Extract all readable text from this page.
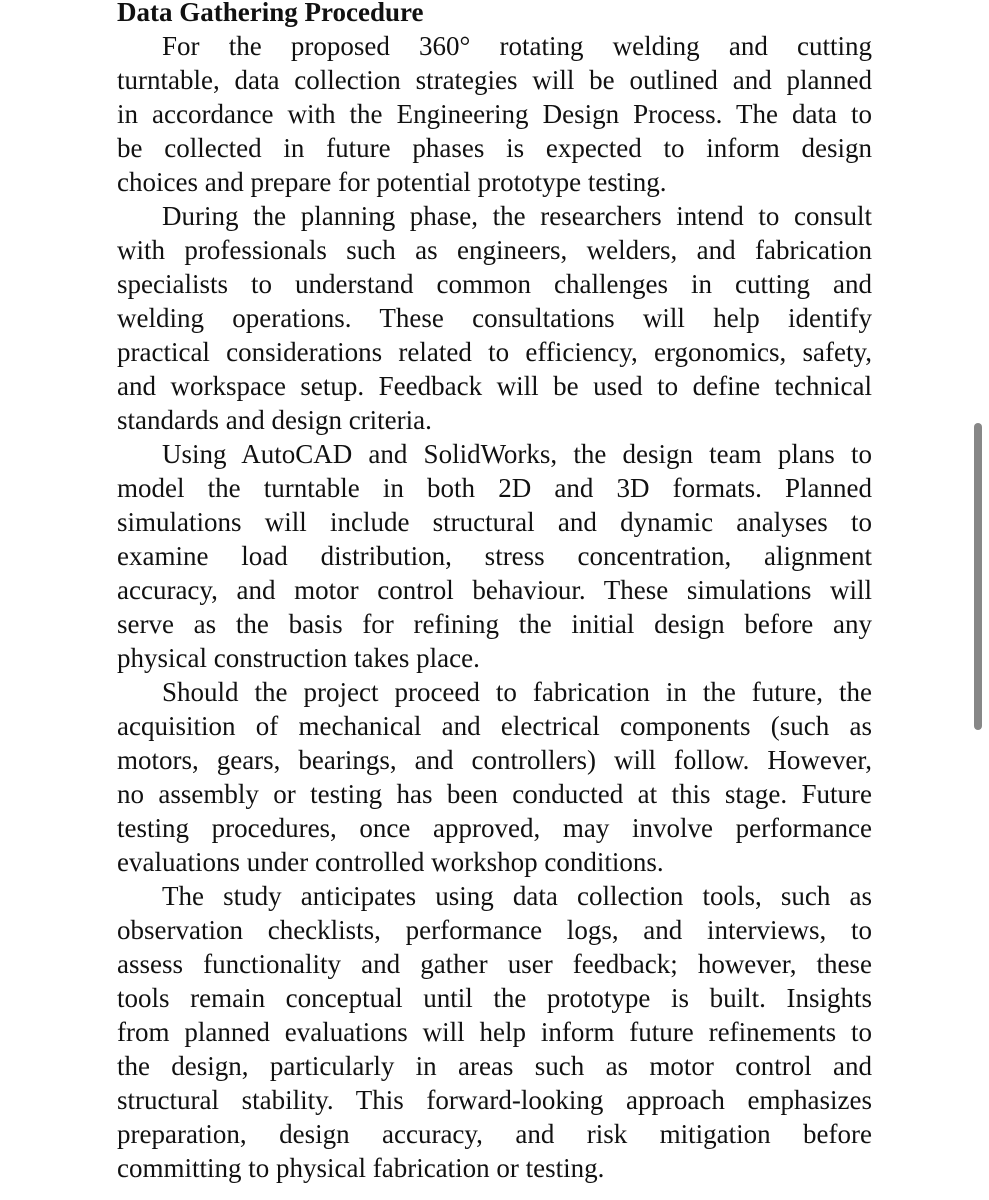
Data Gathering Procedure
For the proposed 360° rotating welding and cutting
turntable, data collection strategies will be outlined and planned
in accordance with the Engineering Design Process. The data to
be collected in future phases is expected to inform design
choices and prepare for potential prototype testing.
During the planning phase, the researchers intend to consult
with professionals such as engineers, welders, and fabrication
specialists to understand common challenges in cutting and
welding operations. These consultations will help identify
practical considerations related to efficiency, ergonomics, safety,
and workspace setup. Feedback will be used to define technical
standards and design criteria.
Using AutoCAD and SolidWorks, the design team plans to
model the turntable in both 2D and 3D formats. Planned
simulations will include structural and dynamic analyses to
examine load distribution, stress concentration, alignment
accuracy, and motor control behaviour. These simulations will
serve as the basis for refining the initial design before any
physical construction takes place.
Should the project proceed to fabrication in the future, the
acquisition of mechanical and electrical components (such as
motors, gears, bearings, and controllers) will follow. However,
no assembly or testing has been conducted at this stage. Future
testing procedures, once approved, may involve performance
evaluations under controlled workshop conditions.
The study anticipates using data collection tools, such as
observation checklists, performance logs, and interviews, to
assess functionality and gather user feedback; however, these
tools remain conceptual until the prototype is built. Insights
from planned evaluations will help inform future refinements to
the design, particularly in areas such as motor control and
structural stability. This forward-looking approach emphasizes
preparation, design accuracy, and risk mitigation before
committing to physical fabrication or testing.
